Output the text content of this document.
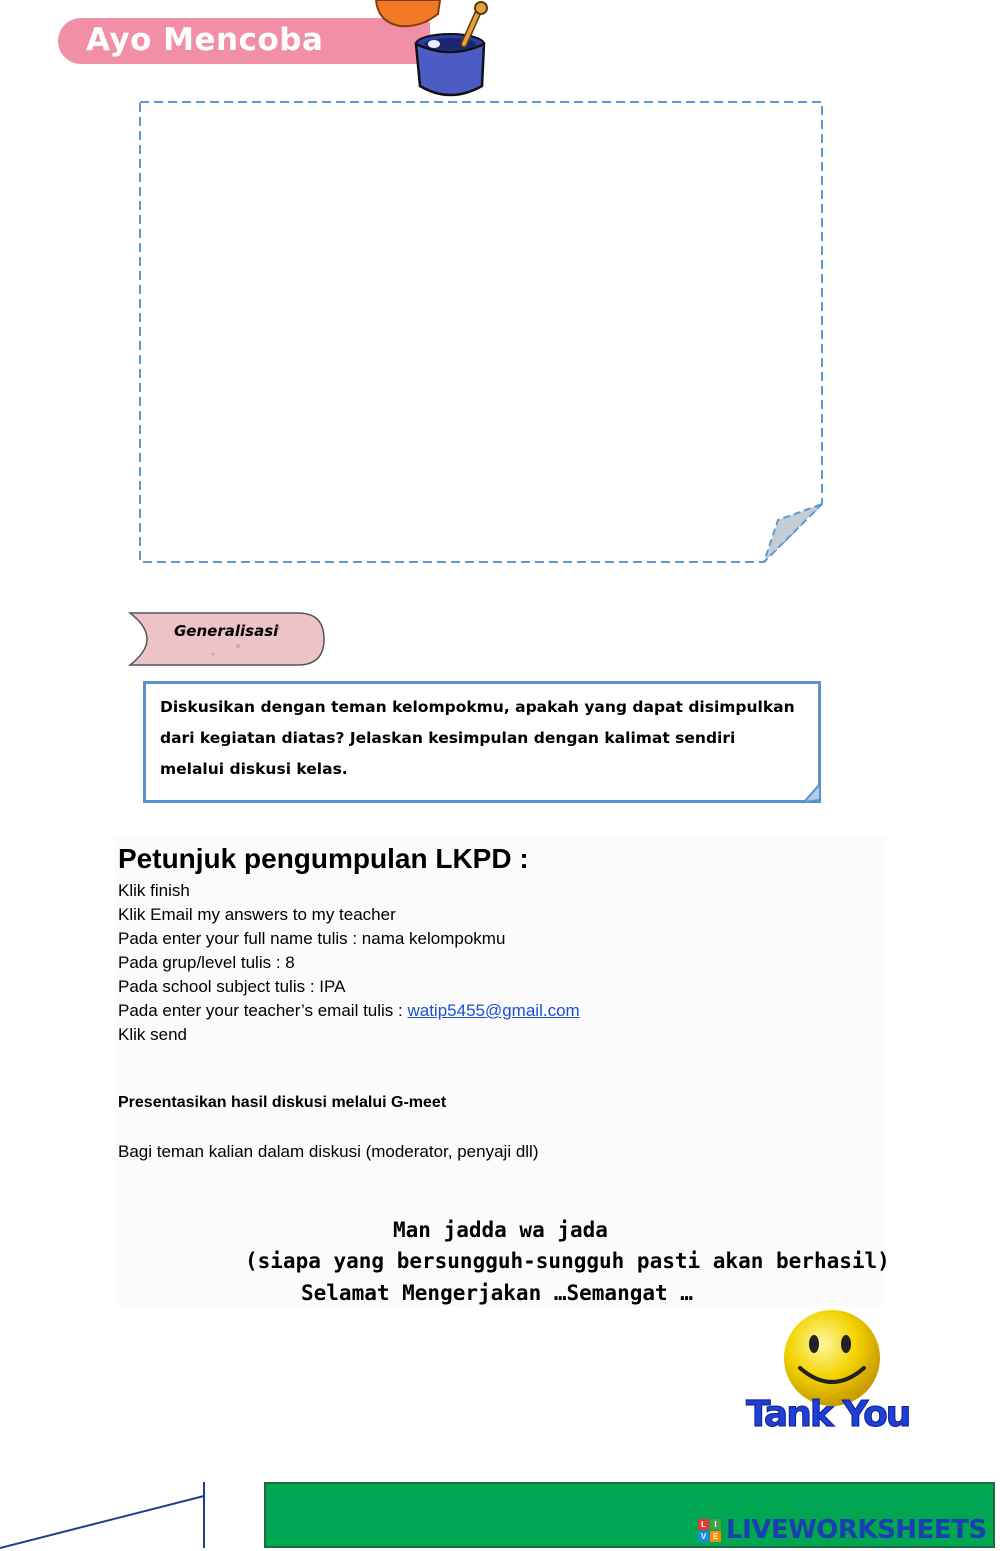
Ayo Mencoba
Generalisasi
Diskusikan dengan teman kelompokmu, apakah yang dapat disimpulkan dari kegiatan diatas? Jelaskan kesimpulan dengan kalimat sendiri melalui diskusi kelas.
Petunjuk pengumpulan LKPD :
Klik finish
Klik Email my answers to my teacher
Pada enter your full name tulis : nama kelompokmu
Pada grup/level tulis : 8
Pada school subject tulis : IPA
Pada enter your teacher’s email tulis : watip5455@gmail.com
Klik send
Presentasikan hasil diskusi melalui G-meet
Bagi teman kalian dalam diskusi (moderator, penyaji dll)
Man jadda wa jada
(siapa yang bersungguh-sungguh pasti akan berhasil)
Selamat Mengerjakan …Semangat …
Tank You
L	I
V E LIVEWORKSHEETS
